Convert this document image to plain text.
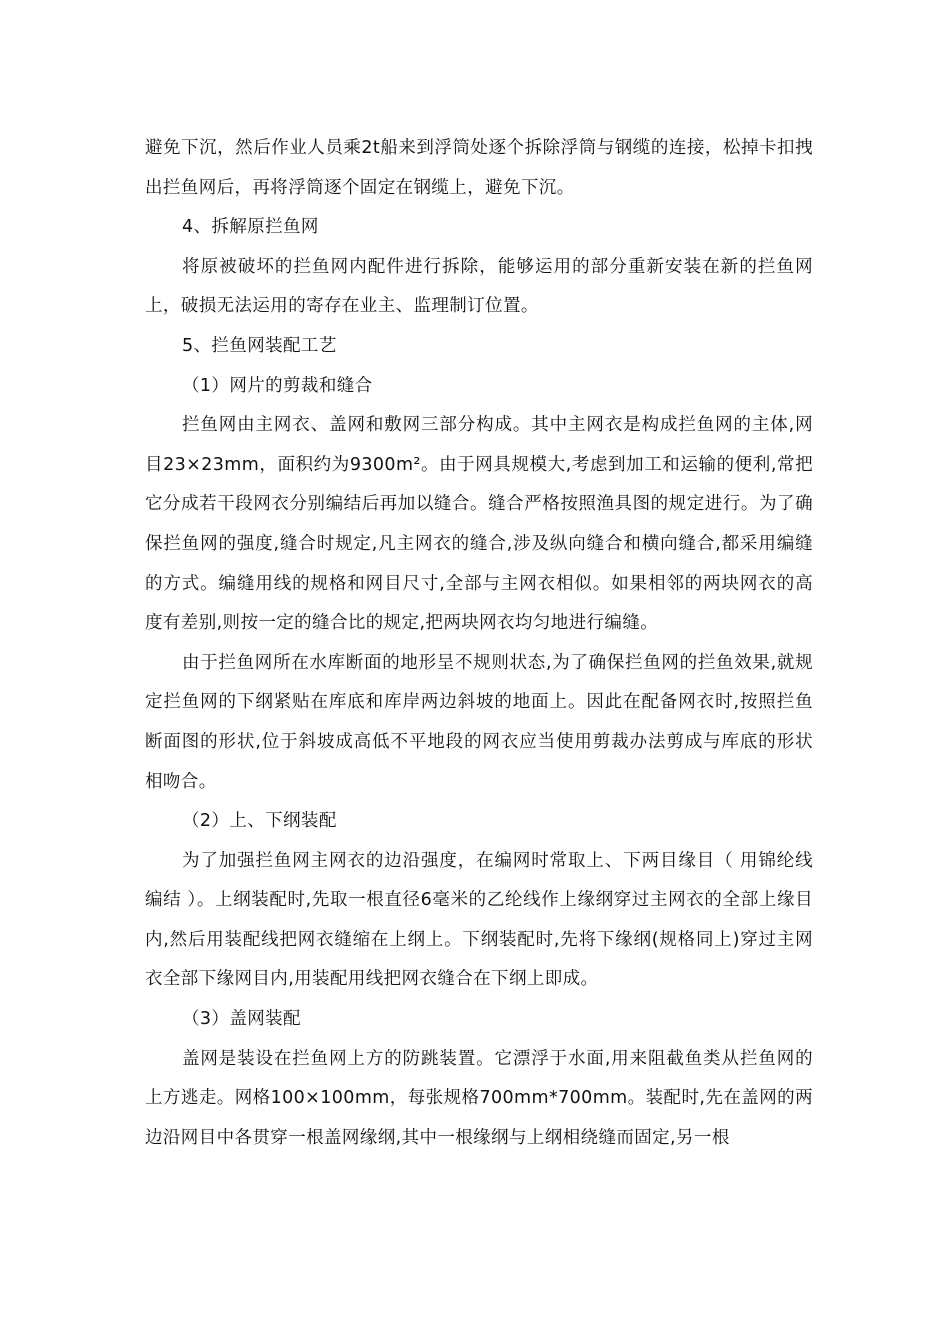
避免下沉，然后作业人员乘2t船来到浮筒处逐个拆除浮筒与钢缆的连接，松掉卡扣拽出拦鱼网后，再将浮筒逐个固定在钢缆上，避免下沉。

4、拆解原拦鱼网

将原被破坏的拦鱼网内配件进行拆除，能够运用的部分重新安装在新的拦鱼网上，破损无法运用的寄存在业主、监理制订位置。

5、拦鱼网装配工艺

（1）网片的剪裁和缝合

拦鱼网由主网衣、盖网和敷网三部分构成。其中主网衣是构成拦鱼网的主体,网目23×23mm，面积约为9300m²。由于网具规模大,考虑到加工和运输的便利,常把它分成若干段网衣分别编结后再加以缝合。缝合严格按照渔具图的规定进行。为了确保拦鱼网的强度,缝合时规定,凡主网衣的缝合,涉及纵向缝合和横向缝合,都采用编缝的方式。编缝用线的规格和网目尺寸,全部与主网衣相似。如果相邻的两块网衣的高度有差别,则按一定的缝合比的规定,把两块网衣均匀地进行编缝。

由于拦鱼网所在水库断面的地形呈不规则状态,为了确保拦鱼网的拦鱼效果,就规定拦鱼网的下纲紧贴在库底和库岸两边斜坡的地面上。因此在配备网衣时,按照拦鱼断面图的形状,位于斜坡成高低不平地段的网衣应当使用剪裁办法剪成与库底的形状相吻合。

（2）上、下纲装配

为了加强拦鱼网主网衣的边沿强度，在编网时常取上、下两目缘目（ 用锦纶线编结 ）。上纲装配时,先取一根直径6毫米的乙纶线作上缘纲穿过主网衣的全部上缘目内,然后用装配线把网衣缝缩在上纲上。下纲装配时,先将下缘纲(规格同上)穿过主网衣全部下缘网目内,用装配用线把网衣缝合在下纲上即成。

（3）盖网装配

盖网是装设在拦鱼网上方的防跳装置。它漂浮于水面,用来阻截鱼类从拦鱼网的上方逃走。网格100×100mm，每张规格700mm*700mm。装配时,先在盖网的两边沿网目中各贯穿一根盖网缘纲,其中一根缘纲与上纲相绕缝而固定,另一根
